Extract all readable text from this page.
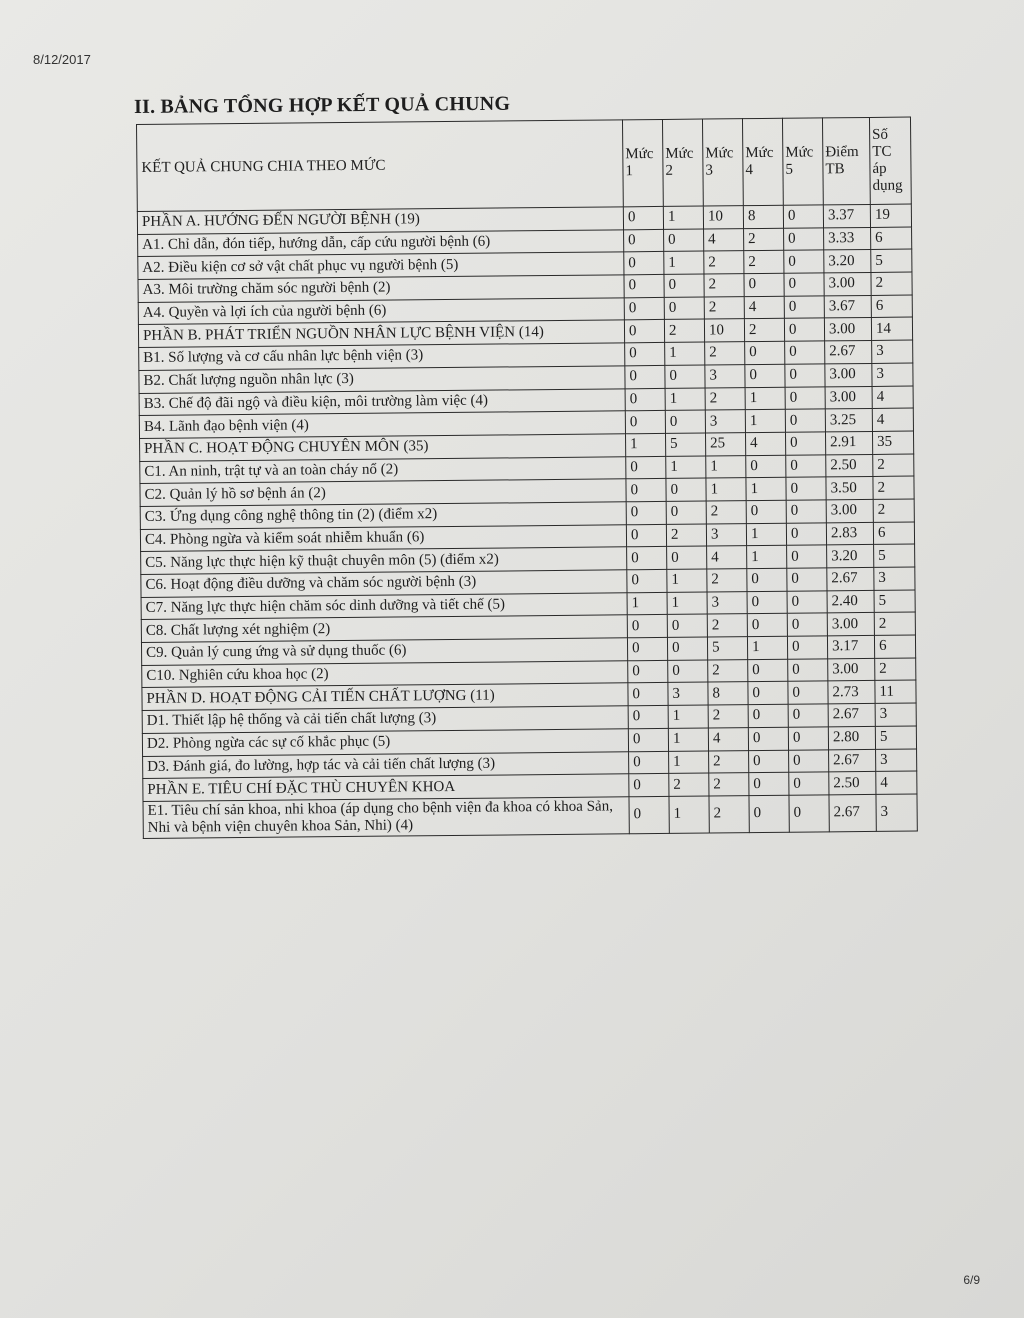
8/12/2017
II. BẢNG TỔNG HỢP KẾT QUẢ CHUNG
KẾT QUẢ CHUNG CHIA THEO MỨC	Mức 1	Mức 2	Mức 3	Mức 4	Mức 5	Điểm TB	Số TC áp dụng
PHẦN A. HƯỚNG ĐẾN NGƯỜI BỆNH (19)	0	1	10	8	0	3.37	19
A1. Chỉ dẫn, đón tiếp, hướng dẫn, cấp cứu người bệnh (6)	0	0	4	2	0	3.33	6
A2. Điều kiện cơ sở vật chất phục vụ người bệnh (5)	0	1	2	2	0	3.20	5
A3. Môi trường chăm sóc người bệnh (2)	0	0	2	0	0	3.00	2
A4. Quyền và lợi ích của người bệnh (6)	0	0	2	4	0	3.67	6
PHẦN B. PHÁT TRIỂN NGUỒN NHÂN LỰC BỆNH VIỆN (14)	0	2	10	2	0	3.00	14
B1. Số lượng và cơ cấu nhân lực bệnh viện (3)	0	1	2	0	0	2.67	3
B2. Chất lượng nguồn nhân lực (3)	0	0	3	0	0	3.00	3
B3. Chế độ đãi ngộ và điều kiện, môi trường làm việc (4)	0	1	2	1	0	3.00	4
B4. Lãnh đạo bệnh viện (4)	0	0	3	1	0	3.25	4
PHẦN C. HOẠT ĐỘNG CHUYÊN MÔN (35)	1	5	25	4	0	2.91	35
C1. An ninh, trật tự và an toàn cháy nổ (2)	0	1	1	0	0	2.50	2
C2. Quản lý hồ sơ bệnh án (2)	0	0	1	1	0	3.50	2
C3. Ứng dụng công nghệ thông tin (2) (điểm x2)	0	0	2	0	0	3.00	2
C4. Phòng ngừa và kiểm soát nhiễm khuẩn (6)	0	2	3	1	0	2.83	6
C5. Năng lực thực hiện kỹ thuật chuyên môn (5) (điểm x2)	0	0	4	1	0	3.20	5
C6. Hoạt động điều dưỡng và chăm sóc người bệnh (3)	0	1	2	0	0	2.67	3
C7. Năng lực thực hiện chăm sóc dinh dưỡng và tiết chế (5)	1	1	3	0	0	2.40	5
C8. Chất lượng xét nghiệm (2)	0	0	2	0	0	3.00	2
C9. Quản lý cung ứng và sử dụng thuốc (6)	0	0	5	1	0	3.17	6
C10. Nghiên cứu khoa học (2)	0	0	2	0	0	3.00	2
PHẦN D. HOẠT ĐỘNG CẢI TIẾN CHẤT LƯỢNG (11)	0	3	8	0	0	2.73	11
D1. Thiết lập hệ thống và cải tiến chất lượng (3)	0	1	2	0	0	2.67	3
D2. Phòng ngừa các sự cố khắc phục (5)	0	1	4	0	0	2.80	5
D3. Đánh giá, đo lường, hợp tác và cải tiến chất lượng (3)	0	1	2	0	0	2.67	3
PHẦN E. TIÊU CHÍ ĐẶC THÙ CHUYÊN KHOA	0	2	2	0	0	2.50	4
E1. Tiêu chí sản khoa, nhi khoa (áp dụng cho bệnh viện đa khoa có khoa Sản, Nhi và bệnh viện chuyên khoa Sản, Nhi) (4)	0	1	2	0	0	2.67	3
6/9
